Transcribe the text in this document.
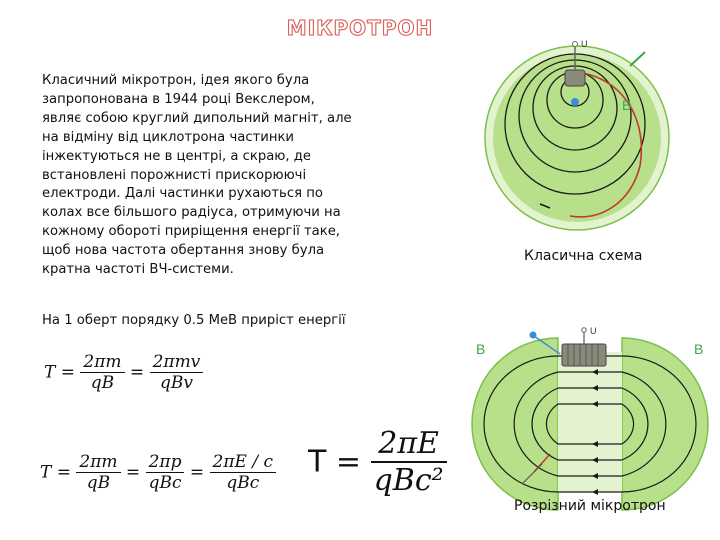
МІКРОТРОН
Класичний мікротрон, ідея якого була
запропонована в 1944 році Векслером,
являє собою круглий дипольний магніт, але
на відміну від циклотрона частинки
інжектуються не в центрі, а скраю, де
встановлені порожнисті прискорюючі
електроди. Далі частинки рухаються по
колах все більшого радіуса, отримуючи на
кожному обороті приріщення енергії таке,
щоб нова частота обертання знову була
кратна частоті ВЧ-системи.
На 1 оберт порядку 0.5 МеВ приріст енергії
$T = \frac{2\pi m}{qB} = \frac{\text{2πmv}}{\text{qBv}}$
$T = \frac{2\pi m}{qB} = \frac{2\pi p}{\text{qBc}} = \frac{2\pi E / c}{\text{qBc}}$ $T = \frac{2\pi E}{\text{qBc²}}$
U
B
Класична схема
U
B	B
Розрізний мікротрон
